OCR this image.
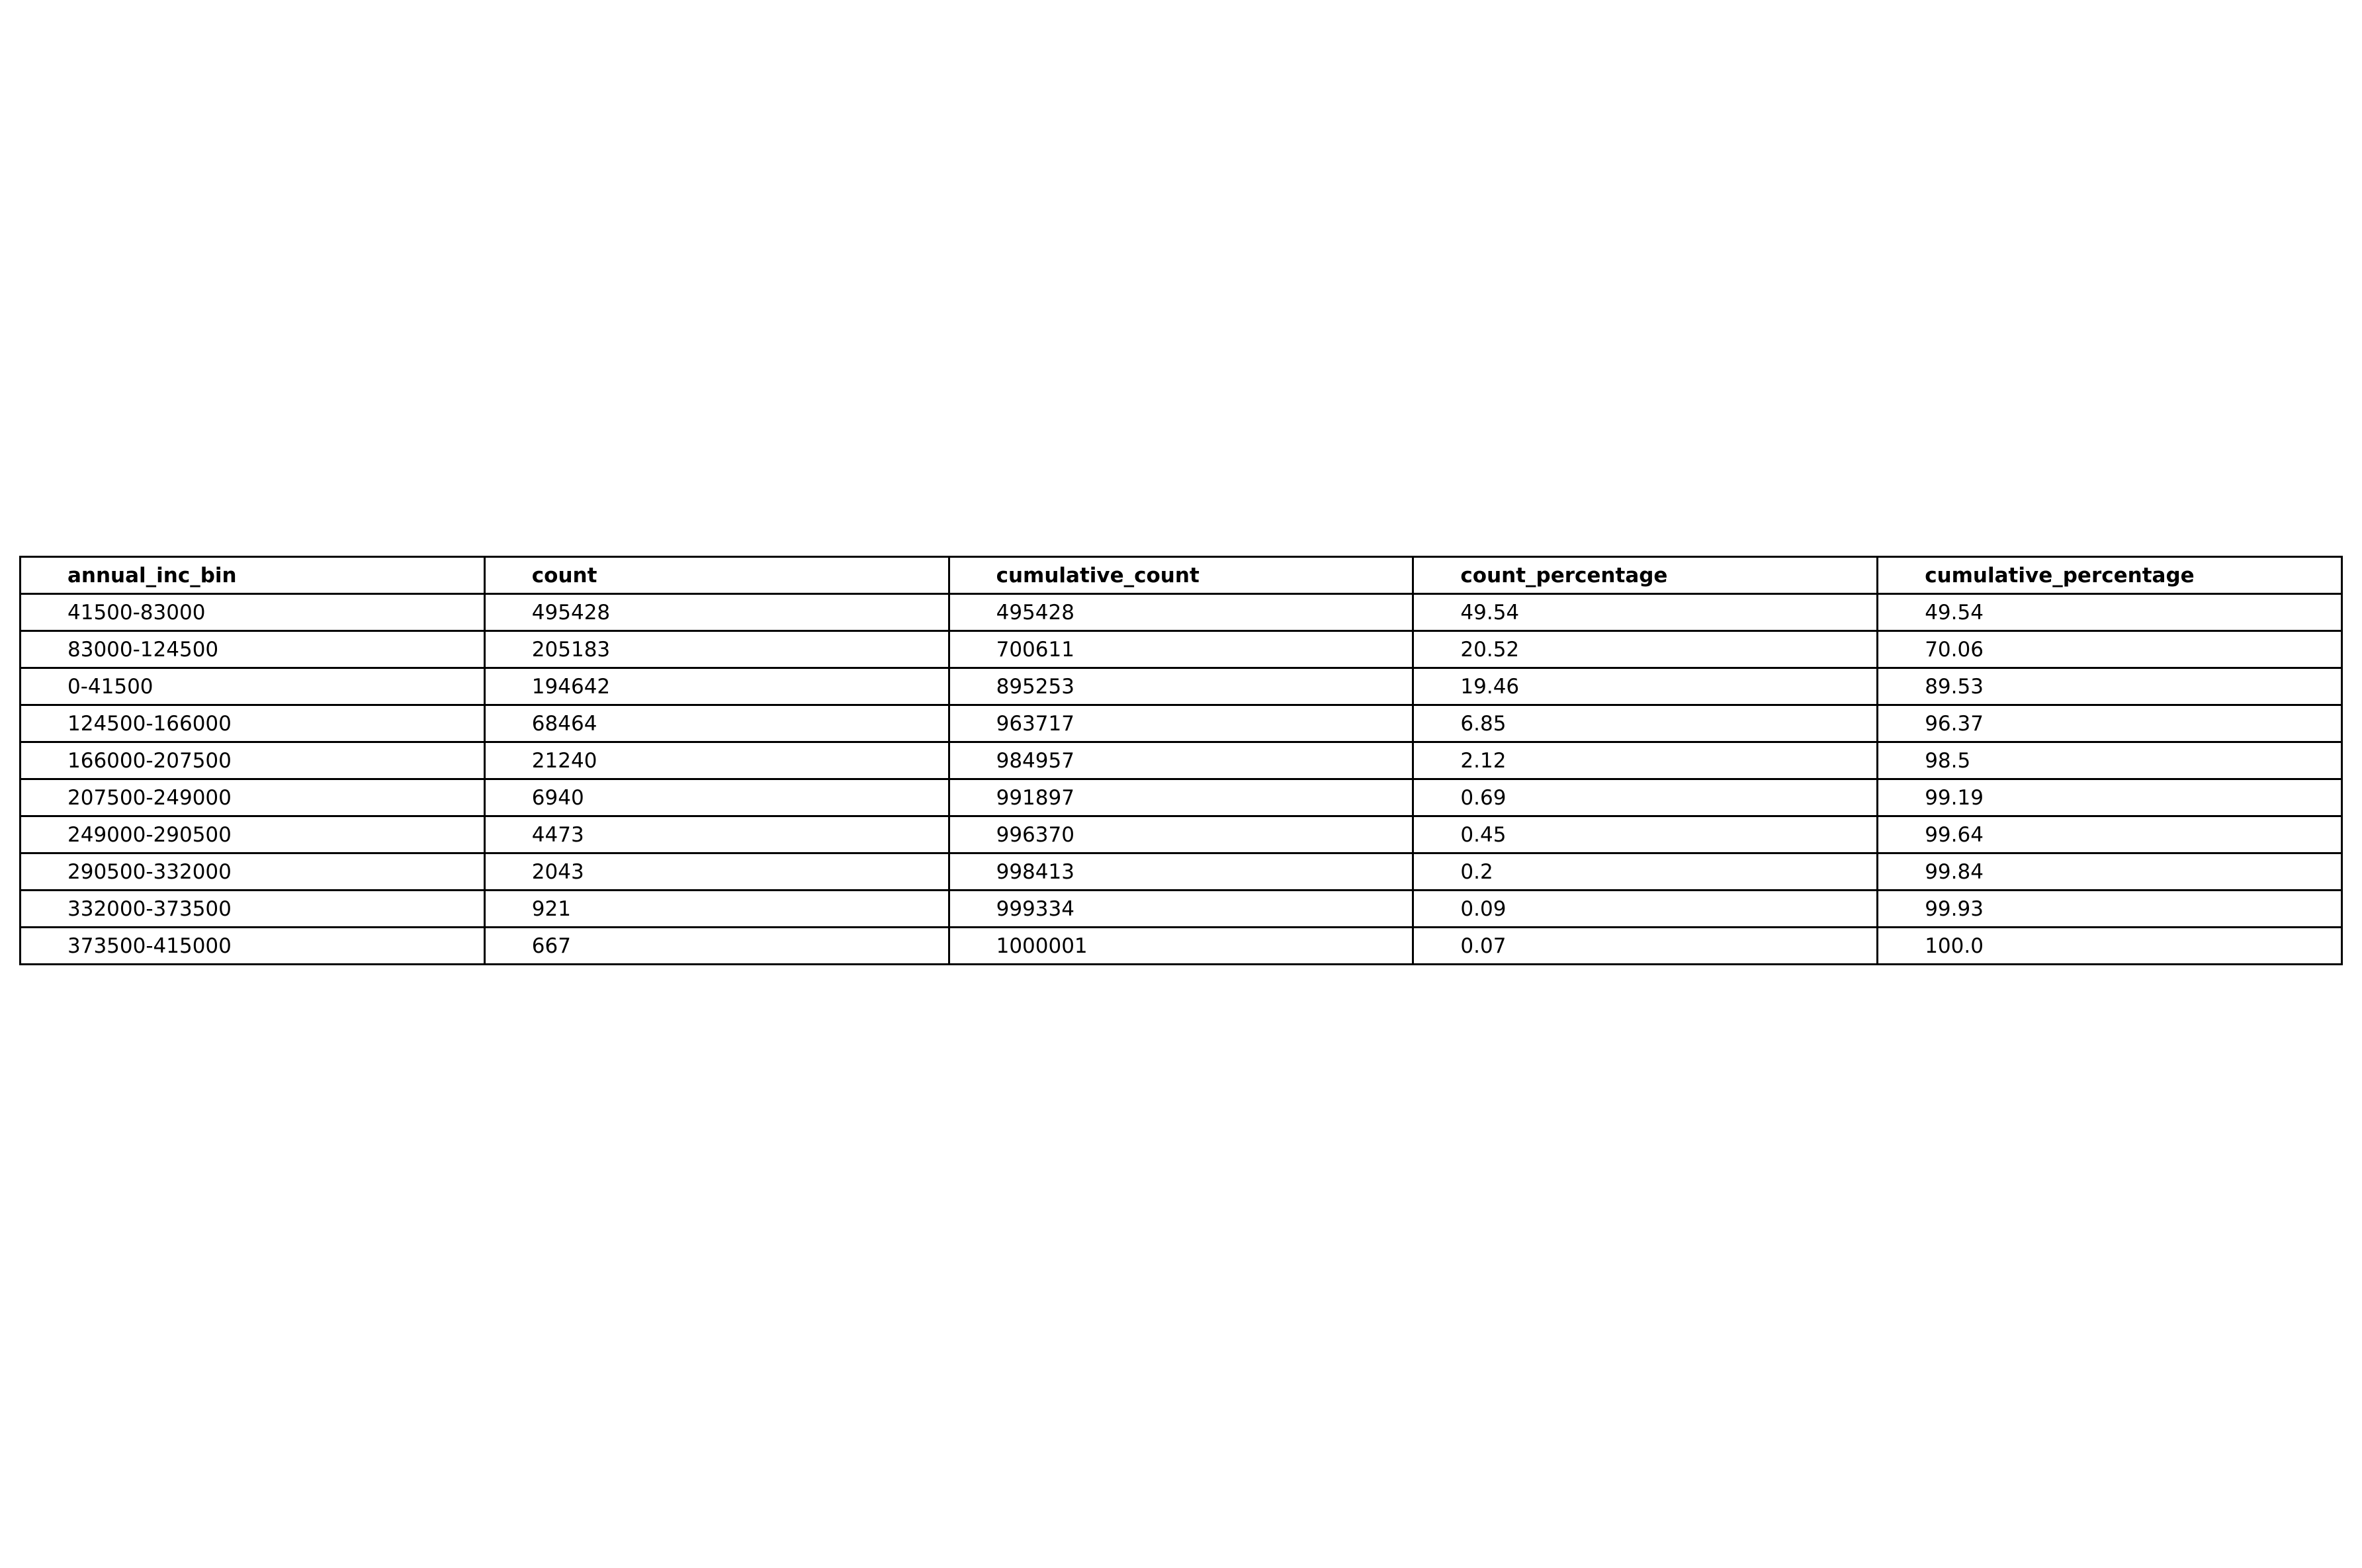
annual_inc_bin	count	cumulative_count	count_percentage	cumulative_percentage
41500-83000	495428	495428	49.54	49.54
83000-124500	205183	700611	20.52	70.06
0-41500	194642	895253	19.46	89.53
124500-166000	68464	963717	6.85	96.37
166000-207500	21240	984957	2.12	98.5
207500-249000	6940	991897	0.69	99.19
249000-290500	4473	996370	0.45	99.64
290500-332000	2043	998413	0.2	99.84
332000-373500	921	999334	0.09	99.93
373500-415000	667	1000001	0.07	100.0
